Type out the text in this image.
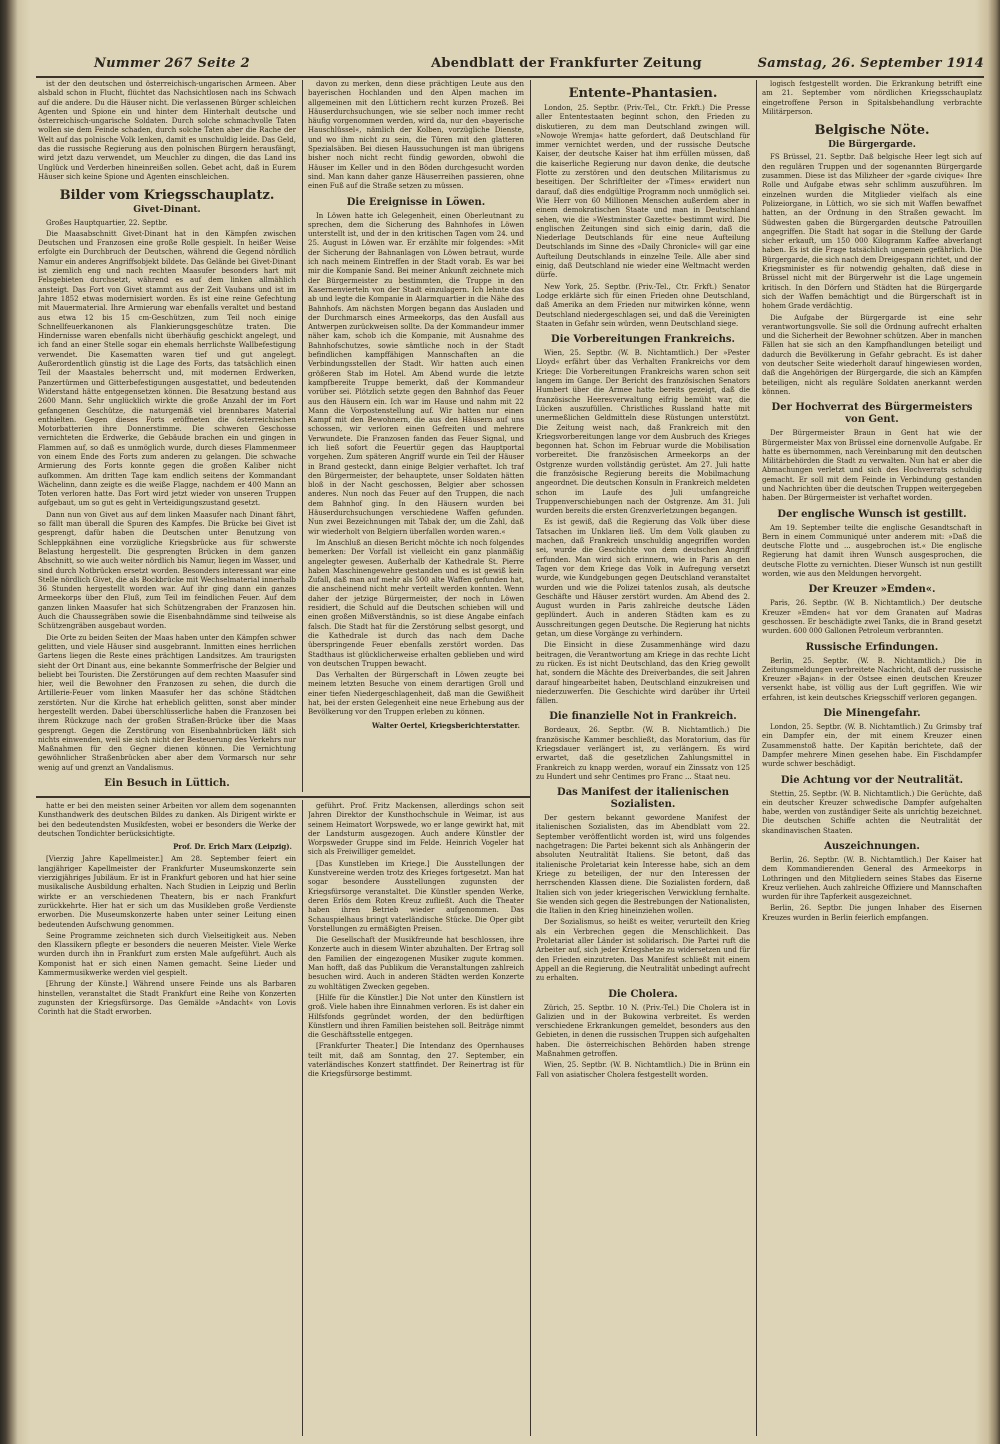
Nummer 267 Seite 2	Abendblatt der Frankfurter Zeitung	Samstag, 26. September 1914

ist der den deutschen und österreichisch-ungarischen Armeen. Aber alsbald schon in Flucht, flüchtet das Nachsichtlosen nach ins Schwach auf die andere. Du die Häuser nicht. Die verlassenen Bürger schleichen Agenten und Spione ein und hinter dem Hinterhalt deutsche und österreichisch-ungarische Soldaten. Durch solche schmachvolle Taten wollen sie dem Feinde schaden, durch solche Taten aber die Rache der Welt auf das polnische Volk lenken, damit es unschuldig leide. Das Geld, das die russische Regierung aus den polnischen Bürgern herausfängt, wird jetzt dazu verwendet, um Meuchler zu dingen, die das Land ins Unglück und Verderben hineinreißen sollen. Gebet acht, daß in Eurem Häuser sich keine Spione und Agenten einschleichen.

Bilder vom Kriegsschauplatz.
Givet-Dinant.

Großes Hauptquartier, 22. Septbr.

Die Maasabschnitt Givet-Dinant hat in den Kämpfen zwischen Deutschen und Franzosen eine große Rolle gespielt. In heißer Weise erfolgte ein Durchbruch der Deutschen, während die Gegend nördlich Namur ein anderes Angriffsobjekt bildete. Das Gelände bei Givet-Dinant ist ziemlich eng und nach rechten Maasufer besonders hart mit Felsgebieten durchsetzt, während es auf dem linken allmählich ansteigt. Das Fort von Givet stammt aus der Zeit Vaubans und ist im Jahre 1852 etwas modernisiert worden. Es ist eine reine Gefechtung mit Mauermaterial. Ihre Armierung war ebenfalls veraltet und bestand aus etwa 12 bis 15 cm-Geschützen, zum Teil noch einige Schnellfeuerkanonen als Flankierungsgeschütze traten. Die Hindernisse waren ebenfalls nicht überhäufig geschickt angelegt, und ich fand an einer Stelle sogar ein ehemals herrlichste Wallbefestigung verwendet. Die Kasematten waren tief und gut angelegt. Außerordentlich günstig ist die Lage des Forts, das tatsächlich einen Teil der Maastales beherrscht und, mit modernen Erdwerken, Panzertürmen und Gitterbefestigungen ausgestattet, und bedeutenden Widerstand hätte entgegensetzen können. Die Besatzung bestand aus 2600 Mann. Sehr unglücklich wirkte die große Anzahl der im Fort gefangenen Geschütze, die naturgemäß viel brennbares Material enthielten. Gegen dieses Forts eröffneten die österreichischen Motorbatterien ihre Donnerstimme. Die schweren Geschosse vernichteten die Erdwerke, die Gebäude brachen ein und gingen in Flammen auf, so daß es unmöglich wurde, durch dieses Flammenmeer von einem Ende des Forts zum anderen zu gelangen. Die schwache Armierung des Forts konnte gegen die großen Kaliber nicht aufkommen. Am dritten Tage kam endlich seitens der Kommandant Wächelinn, dann zeigte es die weiße Flagge, nachdem er 400 Mann an Toten verloren hatte. Das Fort wird jetzt wieder von unseren Truppen aufgebaut, um so gut es geht in Verteidigungszustand gesetzt.

Dann nun von Givet aus auf dem linken Maasufer nach Dinant fährt, so fällt man überall die Spuren des Kampfes. Die Brücke bei Givet ist gesprengt, dafür haben die Deutschen unter Benutzung von Schleppkähnen eine vorzügliche Kriegsbrücke aus für schwerste Belastung hergestellt. Die gesprengten Brücken in dem ganzen Abschnitt, so wie auch weiter nördlich bis Namur, liegen im Wasser, und sind durch Notbrücken ersetzt worden. Besonders interessant war eine Stelle nördlich Givet, die als Bockbrücke mit Wechselmaterial innerhalb 36 Stunden hergestellt worden war. Auf ihr ging dann ein ganzes Armeekorps über den Fluß, zum Teil im feindlichen Feuer. Auf dem ganzen linken Maasufer hat sich Schützengraben der Franzosen hin. Auch die Chaussegräben sowie die Eisenbahndämme sind teilweise als Schützengräben ausgebaut worden.

Die Orte zu beiden Seiten der Maas haben unter den Kämpfen schwer gelitten, und viele Häuser sind ausgebrannt. Inmitten eines herrlichen Gartens liegen die Reste eines prächtigen Landsitzes. Am traurigsten sieht der Ort Dinant aus, eine bekannte Sommerfrische der Belgier und beliebt bei Touristen. Die Zerstörungen auf dem rechten Maasufer sind hier, weil die Bewohner den Franzosen zu sehen, die durch die Artillerie-Feuer vom linken Maasufer her das schöne Städtchen zerstörten. Nur die Kirche hat erheblich gelitten, sonst aber minder hergestellt werden. Dabei überschlüsserliche haben die Franzosen bei ihrem Rückzuge nach der großen Straßen-Brücke über die Maas gesprengt. Gegen die Zerstörung von Eisenbahnbrücken läßt sich nichts einwenden, weil sie sich nicht der Besteuerung des Verkehrs nur Maßnahmen für den Gegner dienen können. Die Vernichtung gewöhnlicher Straßenbrücken aber aber dem Vormarsch nur sehr wenig auf und grenzt an Vandalismus.

Ein Besuch in Lüttich.

davon zu merken, denn diese prächtigen Leute aus den bayerischen Hochlanden und den Alpen machen im allgemeinen mit den Lüttichern recht kurzen Prozeß. Bei Häuserdurchsuchungen, wie sie selber noch immer recht häufig vorgenommen werden, wird da, nur den »bayerische Hauschlüssel«, nämlich der Kolben, vorzügliche Dienste, und wo ihm nicht zu sein, die Türen mit den glatteren Spezialsäben. Bei diesen Haussuchungen ist man übrigens bisher noch nicht recht fündig geworden, obwohl die Häuser im Keller und in den Böden durchgesucht worden sind. Man kann daher ganze Häuserreihen passieren, ohne einen Fuß auf die Straße setzen zu müssen.

Die Ereignisse in Löwen.

In Löwen hatte ich Gelegenheit, einen Oberleutnant zu sprechen, dem die Sicherung des Bahnhofes in Löwen unterstellt ist, und der in den kritischen Tagen vom 24. und 25. August in Löwen war. Er erzählte mir folgendes: »Mit der Sicherung der Bahnanlagen von Löwen betraut, wurde ich nach meinem Eintreffen in der Stadt vorab. Es war bei mir die Kompanie Sand. Bei meiner Ankunft zeichnete mich der Bürgermeister zu bestimmten, die Truppe in den Kasernenvierteln von der Stadt einzulagern. Ich lehnte das ab und legte die Kompanie in Alarmquartier in die Nähe des Bahnhofs. Am nächsten Morgen begann das Ausladen und der Durchmarsch eines Armeekorps, das den Ausfall aus Antwerpen zurückweisen sollte. Da der Kommandeur immer näher kam, schob ich die Kompanie, mit Ausnahme des Bahnhofschutzes, sowie sämtliche noch in der Stadt befindlichen kampffähigen Mannschaften an die Verbindungsstellen der Stadt. Wir hatten auch einen größeren Stab im Hotel. Am Abend wurde die letzte kampfbereite Truppe bemerkt, daß der Kommandeur vorüber sei. Plötzlich setzte gegen den Bahnhof das Feuer aus den Häusern ein. Ich war im Hause und nahm mit 22 Mann die Vorpostenstellung auf. Wir hatten nur einen Kampf mit den Bewohnern, die aus den Häusern auf uns schossen, wir verloren einen Gefreiten und mehrere Verwundete. Die Franzosen fanden das Feuer Signal, und ich ließ sofort die Feuertür gegen das Hauptportal vorgehen. Zum späteren Angriff wurde ein Teil der Häuser in Brand gesteckt, dann einige Belgier verhaftet. Ich traf den Bürgermeister, der behauptete, unser Soldaten hätten bloß in der Nacht geschossen, Belgier aber schossen anderes. Nun noch das Feuer auf den Truppen, die nach dem Bahnhof ging. In den Häusern wurden bei Häuserdurchsuchungen verschiedene Waffen gefunden. Nun zwei Bezeichnungen mit Tabak der, um die Zahl, daß wir wiederholt von Belgiern überfallen worden waren.«

Im Anschluß an diesen Bericht möchte ich noch folgendes bemerken: Der Vorfall ist vielleicht ein ganz planmäßig angelegter gewesen. Außerhalb der Kathedrale St. Pierre haben Maschinengewehre gestanden und es ist gewiß kein Zufall, daß man auf mehr als 500 alte Waffen gefunden hat, die anscheinend nicht mehr verteilt werden konnten. Wenn daher der jetzige Bürgermeister, der noch in Löwen residiert, die Schuld auf die Deutschen schieben will und einen großen Mißverständnis, so ist diese Angabe einfach falsch. Die Stadt hat für die Zerstörung selbst gesorgt, und die Kathedrale ist durch das nach dem Dache überspringende Feuer ebenfalls zerstört worden. Das Stadthaus ist glücklicherweise erhalten geblieben und wird von deutschen Truppen bewacht.

Das Verhalten der Bürgerschaft in Löwen zeugte bei meinem letzten Besuche von einem derartigen Groll und einer tiefen Niedergeschlagenheit, daß man die Gewißheit hat, bei der ersten Gelegenheit eine neue Erhebung aus der Bevölkerung vor den Truppen erleben zu können.

Walter Oertel, Kriegsberichterstatter.
Entente-Phantasien.

London, 25. Septbr. (Priv.-Tel., Ctr. Frkft.) Die Presse aller Ententestaaten beginnt schon, den Frieden zu diskutieren, zu dem man Deutschland zwingen will. »Nowoje Wremja« hatte gefordert, daß Deutschland für immer vernichtet werden, und der russische Deutsche Kaiser, der deutsche Kaiser hat ihm erfüllen müssen, daß die kaiserliche Regierung nur davon denke, die deutsche Flotte zu zerstören und den deutschen Militarismus zu beseitigen. Der Schriftleiter der »Times« erwidert nun darauf, daß dies endgültige Programm noch unmöglich sei. Wie Herr von 60 Millionen Menschen außerdem aber in einem demokratischen Staate und man in Deutschland sehen, wie die »Westminster Gazette« bestimmt wird. Die englischen Zeitungen sind sich einig darin, daß die Niederlage Deutschlands für eine neue Aufteilung Deutschlands im Sinne des »Daily Chronicle« will gar eine Aufteilung Deutschlands in einzelne Teile. Alle aber sind einig, daß Deutschland nie wieder eine Weltmacht werden dürfe.

New York, 25. Septbr. (Priv.-Tel., Ctr. Frkft.) Senator Lodge erklärte sich für einen Frieden ohne Deutschland, daß Amerika an dem Frieden nur mitwirken könne, wenn Deutschland niedergeschlagen sei, und daß die Vereinigten Staaten in Gefahr sein würden, wenn Deutschland siege.

Die Vorbereitungen Frankreichs.

Wien, 25. Septbr. (W. B. Nichtamtlich.) Der »Pester Lloyd« erfährt über das Verhalten Frankreichs vor dem Kriege: Die Vorbereitungen Frankreichs waren schon seit langem im Gange. Der Bericht des französischen Senators Humbert über die Armee hatte bereits gezeigt, daß die französische Heeresverwaltung eifrig bemüht war, die Lücken auszufüllen. Christliches Russland hatte mit unermeßlichen Geldmitteln diese Rüstungen unterstützt. Die Zeitung weist nach, daß Frankreich mit den Kriegsvorbereitungen lange vor dem Ausbruch des Krieges begonnen hat. Schon im Februar wurde die Mobilisation vorbereitet. Die französischen Armeekorps an der Ostgrenze wurden vollständig gerüstet. Am 27. Juli hatte die französische Regierung bereits die Mobilmachung angeordnet. Die deutschen Konsuln in Frankreich meldeten schon im Laufe des Juli umfangreiche Truppenverschiebungen nach der Ostgrenze. Am 31. Juli wurden bereits die ersten Grenzverletzungen begangen.

Es ist gewiß, daß die Regierung das Volk über diese Tatsachen im Unklaren ließ. Um dem Volk glauben zu machen, daß Frankreich unschuldig angegriffen worden sei, wurde die Geschichte von dem deutschen Angriff erfunden. Man wird sich erinnern, wie in Paris an den Tagen vor dem Kriege das Volk in Aufregung versetzt wurde, wie Kundgebungen gegen Deutschland veranstaltet wurden und wie die Polizei tatenlos zusah, als deutsche Geschäfte und Häuser zerstört wurden. Am Abend des 2. August wurden in Paris zahlreiche deutsche Läden geplündert. Auch in anderen Städten kam es zu Ausschreitungen gegen Deutsche. Die Regierung hat nichts getan, um diese Vorgänge zu verhindern.

Die Einsicht in diese Zusammenhänge wird dazu beitragen, die Verantwortung am Kriege in das rechte Licht zu rücken. Es ist nicht Deutschland, das den Krieg gewollt hat, sondern die Mächte des Dreiverbandes, die seit Jahren darauf hingearbeitet haben, Deutschland einzukreisen und niederzuwerfen. Die Geschichte wird darüber ihr Urteil fällen.

Die finanzielle Not in Frankreich.

Bordeaux, 26. Septbr. (W. B. Nichtamtlich.) Die französische Kammer beschließt, das Moratorium, das für Kriegsdauer verlängert ist, zu verlängern. Es wird erwartet, daß die gesetzlichen Zahlungsmittel in Frankreich zu knapp werden, worauf ein Zinssatz von 125 zu Hundert und sehr Centimes pro Franc ... Staat neu.

Das Manifest der italienischen Sozialisten.

Der gestern bekannt gewordene Manifest der italienischen Sozialisten, das im Abendblatt vom 22. September veröffentlicht worden ist, wird uns folgendes nachgetragen: Die Partei bekennt sich als Anhängerin der absoluten Neutralität Italiens. Sie betont, daß das italienische Proletariat kein Interesse habe, sich an dem Kriege zu beteiligen, der nur den Interessen der herrschenden Klassen diene. Die Sozialisten fordern, daß Italien sich von jeder kriegerischen Verwicklung fernhalte. Sie wenden sich gegen die Bestrebungen der Nationalisten, die Italien in den Krieg hineinziehen wollen.

Der Sozialismus, so heißt es weiter, verurteilt den Krieg als ein Verbrechen gegen die Menschlichkeit. Das Proletariat aller Länder ist solidarisch. Die Partei ruft die Arbeiter auf, sich jeder Kriegshetze zu widersetzen und für den Frieden einzutreten. Das Manifest schließt mit einem Appell an die Regierung, die Neutralität unbedingt aufrecht zu erhalten.

Die Cholera.

Zürich, 25. Septbr. 10 N. (Priv.-Tel.) Die Cholera ist in Galizien und in der Bukowina verbreitet. Es werden verschiedene Erkrankungen gemeldet, besonders aus den Gebieten, in denen die russischen Truppen sich aufgehalten haben. Die österreichischen Behörden haben strenge Maßnahmen getroffen.

Wien, 25. Septbr. (W. B. Nichtamtlich.) Die in Brünn ein Fall von asiatischer Cholera festgestellt worden.

logisch festgestellt worden. Die Erkrankung betrifft eine am 21. September vom nördlichen Kriegsschauplatz eingetroffene Person in Spitalsbehandlung verbrachte Militärperson.

Belgische Nöte.
Die Bürgergarde.

FS Brüssel, 21. Septbr. Daß belgische Heer legt sich auf den regulären Truppen und der sogenannten Bürgergarde zusammen. Diese ist das Milizheer der »garde civique« Ihre Rolle und Aufgabe etwas sehr schlimm auszuführen. Im einzelnen wurden die Mitglieder vielfach als eine Polizeiorgane, in Lüttich, wo sie sich mit Waffen bewaffnet hatten, an der Ordnung in den Straßen gewacht. Im Südwesten gaben die Bürgergarden deutsche Patrouillen angegriffen. Die Stadt hat sogar in die Stellung der Garde sicher erkauft, um 150 000 Kilogramm Kaffee abverlangt haben. Es ist die Frage tatsächlich ungemein gefährlich. Die Bürgergarde, die sich nach dem Dreigespann richtet, und der Kriegsminister es für notwendig gehalten, daß diese in Brüssel nicht mit der Bürgerwehr ist die Lage ungemein kritisch. In den Dörfern und Städten hat die Bürgergarde sich der Waffen bemächtigt und die Bürgerschaft ist in hohem Grade verdächtig.

Die Aufgabe der Bürgergarde ist eine sehr verantwortungsvolle. Sie soll die Ordnung aufrecht erhalten und die Sicherheit der Bewohner schützen. Aber in manchen Fällen hat sie sich an den Kampfhandlungen beteiligt und dadurch die Bevölkerung in Gefahr gebracht. Es ist daher von deutscher Seite wiederholt darauf hingewiesen worden, daß die Angehörigen der Bürgergarde, die sich an Kämpfen beteiligen, nicht als reguläre Soldaten anerkannt werden können.

Der Hochverrat des Bürgermeisters von Gent.

Der Bürgermeister Braun in Gent hat wie der Bürgermeister Max von Brüssel eine dornenvolle Aufgabe. Er hatte es übernommen, nach Vereinbarung mit den deutschen Militärbehörden die Stadt zu verwalten. Nun hat er aber die Abmachungen verletzt und sich des Hochverrats schuldig gemacht. Er soll mit dem Feinde in Verbindung gestanden und Nachrichten über die deutschen Truppen weitergegeben haben. Der Bürgermeister ist verhaftet worden.

Der englische Wunsch ist gestillt.

Am 19. September teilte die englische Gesandtschaft in Bern in einem Communiqué unter anderem mit: »Daß die deutsche Flotte und ... ausgebrochen ist.« Die englische Regierung hat damit ihren Wunsch ausgesprochen, die deutsche Flotte zu vernichten. Dieser Wunsch ist nun gestillt worden, wie aus den Meldungen hervorgeht.

Der Kreuzer »Emden«.

Paris, 26. Septbr. (W. B. Nichtamtlich.) Der deutsche Kreuzer »Emden« hat vor dem Granaten auf Madras geschossen. Er beschädigte zwei Tanks, die in Brand gesetzt wurden. 600 000 Gallonen Petroleum verbrannten.

Russische Erfindungen.

Berlin, 25. Septbr. (W. B. Nichtamtlich.) Die in Zeitungsmeldungen verbreitete Nachricht, daß der russische Kreuzer »Bajan« in der Ostsee einen deutschen Kreuzer versenkt habe, ist völlig aus der Luft gegriffen. Wie wir erfahren, ist kein deutsches Kriegsschiff verloren gegangen.

Die Minengefahr.

London, 25. Septbr. (W. B. Nichtamtlich.) Zu Grimsby traf ein Dampfer ein, der mit einem Kreuzer einen Zusammenstoß hatte. Der Kapitän berichtete, daß der Dampfer mehrere Minen gesehen habe. Ein Fischdampfer wurde schwer beschädigt.

Die Achtung vor der Neutralität.

Stettin, 25. Septbr. (W. B. Nichtamtlich.) Die Gerüchte, daß ein deutscher Kreuzer schwedische Dampfer aufgehalten habe, werden von zuständiger Seite als unrichtig bezeichnet. Die deutschen Schiffe achten die Neutralität der skandinavischen Staaten.

Auszeichnungen.

Berlin, 26. Septbr. (W. B. Nichtamtlich.) Der Kaiser hat dem Kommandierenden General des Armeekorps in Lothringen und den Mitgliedern seines Stabes das Eiserne Kreuz verliehen. Auch zahlreiche Offiziere und Mannschaften wurden für ihre Tapferkeit ausgezeichnet.

Berlin, 26. Septbr. Die jungen Inhaber des Eisernen Kreuzes wurden in Berlin feierlich empfangen.

hatte er bei den meisten seiner Arbeiten vor allem dem sogenannten Kunsthandwerk des deutschen Bildes zu danken. Als Dirigent wirkte er bei den bedeutendsten Musikfesten, wobei er besonders die Werke der deutschen Tondichter berücksichtigte.

Prof. Dr. Erich Marx (Leipzig).

[Vierzig Jahre Kapellmeister.] Am 28. September feiert ein langjähriger Kapellmeister der Frankfurter Museumskonzerte sein vierzigjähriges Jubiläum. Er ist in Frankfurt geboren und hat hier seine musikalische Ausbildung erhalten. Nach Studien in Leipzig und Berlin wirkte er an verschiedenen Theatern, bis er nach Frankfurt zurückkehrte. Hier hat er sich um das Musikleben große Verdienste erworben. Die Museumskonzerte haben unter seiner Leitung einen bedeutenden Aufschwung genommen.

Seine Programme zeichneten sich durch Vielseitigkeit aus. Neben den Klassikern pflegte er besonders die neueren Meister. Viele Werke wurden durch ihn in Frankfurt zum ersten Male aufgeführt. Auch als Komponist hat er sich einen Namen gemacht. Seine Lieder und Kammermusikwerke werden viel gespielt.

[Ehrung der Künste.] Während unsere Feinde uns als Barbaren hinstellen, veranstaltet die Stadt Frankfurt eine Reihe von Konzerten zugunsten der Kriegsfürsorge. Das Gemälde »Andacht« von Lovis Corinth hat die Stadt erworben.

geführt. Prof. Fritz Mackensen, allerdings schon seit Jahren Direktor der Kunsthochschule in Weimar, ist aus seinem Heimatort Worpswede, wo er lange gewirkt hat, mit der Landsturm ausgezogen. Auch andere Künstler der Worpsweder Gruppe sind im Felde. Heinrich Vogeler hat sich als Freiwilliger gemeldet.

[Das Kunstleben im Kriege.] Die Ausstellungen der Kunstvereine werden trotz des Krieges fortgesetzt. Man hat sogar besondere Ausstellungen zugunsten der Kriegsfürsorge veranstaltet. Die Künstler spenden Werke, deren Erlös dem Roten Kreuz zufließt. Auch die Theater haben ihren Betrieb wieder aufgenommen. Das Schauspielhaus bringt vaterländische Stücke. Die Oper gibt Vorstellungen zu ermäßigten Preisen.

Die Gesellschaft der Musikfreunde hat beschlossen, ihre Konzerte auch in diesem Winter abzuhalten. Der Ertrag soll den Familien der eingezogenen Musiker zugute kommen. Man hofft, daß das Publikum die Veranstaltungen zahlreich besuchen wird. Auch in anderen Städten werden Konzerte zu wohltätigen Zwecken gegeben.

[Hilfe für die Künstler.] Die Not unter den Künstlern ist groß. Viele haben ihre Einnahmen verloren. Es ist daher ein Hilfsfonds gegründet worden, der den bedürftigen Künstlern und ihren Familien beistehen soll. Beiträge nimmt die Geschäftsstelle entgegen.

[Frankfurter Theater.] Die Intendanz des Opernhauses teilt mit, daß am Sonntag, den 27. September, ein vaterländisches Konzert stattfindet. Der Reinertrag ist für die Kriegsfürsorge bestimmt.
